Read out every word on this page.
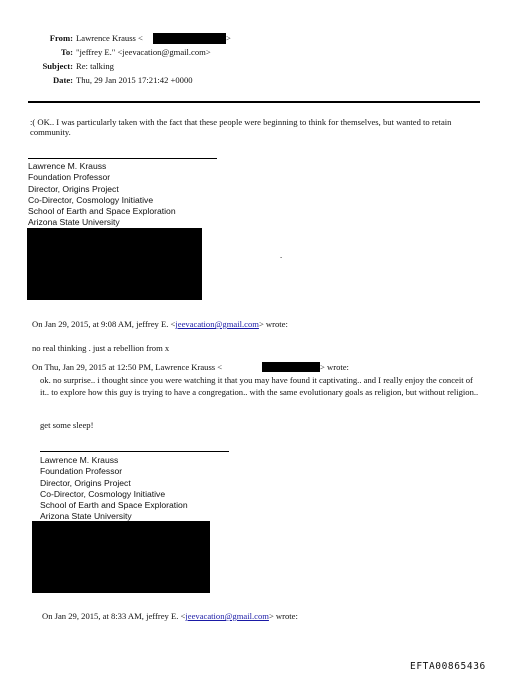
From: Lawrence Krauss <	>
To: "jeffrey E." <jeevacation@gmail.com>
Subject: Re: talking
Date: Thu, 29 Jan 2015 17:21:42 +0000
:( OK.. I was particularly taken with the fact that these people were beginning to think for themselves, but wanted to retain community.
Lawrence M. Krauss
Foundation Professor
Director, Origins Project
Co-Director, Cosmology Initiative
School of Earth and Space Exploration
Arizona State University
.
On Jan 29, 2015, at 9:08 AM, jeffrey E. <jeevacation@gmail.com> wrote:
no real thinking . just a rebellion from x
On Thu, Jan 29, 2015 at 12:50 PM, Lawrence Krauss <	> wrote:
ok. no surprise.. i thought since you were watching it that you may have found it captivating.. and I really enjoy the conceit of it.. to explore how this guy is trying to have a congregation.. with the same evolutionary goals as religion, but without religion..
get some sleep!
Lawrence M. Krauss
Foundation Professor
Director, Origins Project
Co-Director, Cosmology Initiative
School of Earth and Space Exploration
Arizona State University
On Jan 29, 2015, at 8:33 AM, jeffrey E. <jeevacation@gmail.com> wrote:
EFTA00865436
